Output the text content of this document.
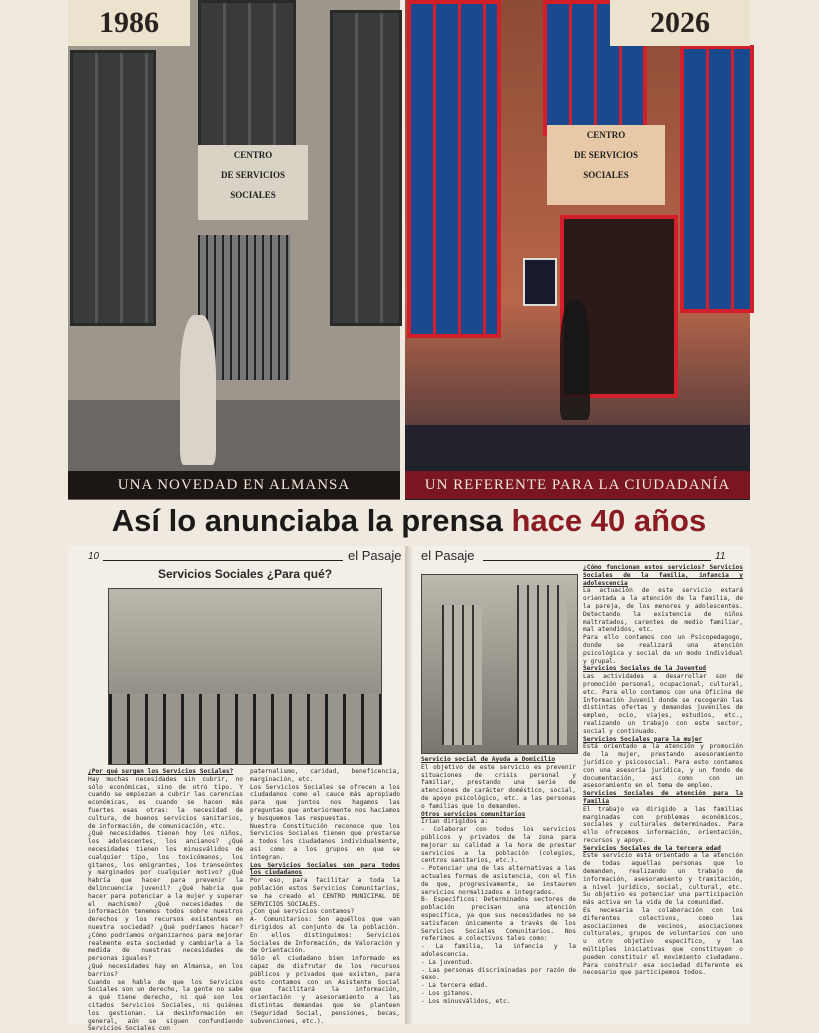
CENTRO
DE SERVICIOS
SOCIALES
1986
UNA NOVEDAD EN ALMANSA
CENTRO
DE SERVICIOS
SOCIALES
2026
UN REFERENTE PARA LA CIUDADANÍA
Así lo anunciaba la prensa hace 40 años
10	el Pasaje
Servicios Sociales ¿Para qué?
¿Por qué surgen los Servicios Sociales?
Hay muchas necesidades sin cubrir, no sólo económicas, sino de otro tipo. Y cuando se empiezan a cubrir las carencias económicas, es cuando se hacen más fuertes esas otras: la necesidad de cultura, de buenos servicios sanitarios, de información, de comunicación, etc.
¿Qué necesidades tienen hoy los niños, los adolescentes, los ancianos? ¿Qué necesidades tienen los minusválidos de cualquier tipo, los toxicómanos, los gitanos, los emigrantes, los transeúntes y marginados por cualquier motivo? ¿Qué habría que hacer para prevenir la delincuencia juvenil? ¿Qué habría que hacer para potenciar a la mujer y superar el machismo? ¿Qué necesidades de información tenemos todos sobre nuestros derechos y los recursos existentes en nuestra sociedad? ¿Qué podríamos hacer? ¿Cómo podríamos organizarnos para mejorar realmente esta sociedad y cambiarla a la medida de nuestras necesidades de personas iguales?
¿Qué necesidades hay en Almansa, en los barrios?
Cuando se habla de que los Servicios Sociales son un derecho, la gente no sabe a qué tiene derecho, ni qué son los citados Servicios Sociales, ni quiénes los gestionan. La desinformación en general, aún se siguen confundiendo Servicios Sociales con
paternalismo, caridad, beneficencia, marginación, etc.
Los Servicios Sociales se ofrecen a los ciudadanos como el cauce más apropiado para que juntos nos hagamos las preguntas que anteriormente nos hacíamos y busquemos las respuestas.
Nuestra Constitución reconoce que los Servicios Sociales tienen que prestarse a todos los ciudadanos individualmente, así como a los grupos en que se integran.
Los Servicios Sociales son para todos los ciudadanos
Por eso, para facilitar a toda la población estos Servicios Comunitarios, se ha creado el CENTRO MUNICIPAL DE SERVICIOS SOCIALES.
¿Con qué servicios contamos?
A- Comunitarios: Son aquéllos que van dirigidos al conjunto de la población. En ellos distinguimos: Servicios Sociales de Información, de Valoración y de Orientación.
Sólo el ciudadano bien informado es capaz de disfrutar de los recursos públicos y privados que existen, para esto contamos con un Asistente Social que facilitará la información, orientación y asesoramiento a las distintas demandas que se planteen (Seguridad Social, pensiones, becas, subvenciones, etc.).
el Pasaje	11
Servicio social de Ayuda a Domicilio
El objetivo de este servicio es prevenir situaciones de crisis personal y familiar, prestando una serie de atenciones de carácter doméstico, social, de apoyo psicológico, etc. a las personas o familias que lo demanden.
Otros servicios comunitarios
Irían dirigidos a:
- Colaborar con todos los servicios públicos y privados de la zona para mejorar su calidad a la hora de prestar servicios a la población (colegios, centros sanitarios, etc.).
- Potenciar una de las alternativas a las actuales formas de asistencia, con el fin de que, progresivamente, se instauren servicios normalizados e integrados.
B- Específicos: Determinados sectores de población precisan una atención específica, ya que sus necesidades no se satisfacen únicamente a través de los Servicios Sociales Comunitarios. Nos referimos a colectivos tales como:
- La familia, la infancia y la adolescencia.
- La juventud.
- Las personas discriminadas por razón de sexo.
- La tercera edad.
- Los gitanos.
- Los minusválidos, etc.
¿Cómo funcionan estos servicios? Servicios Sociales de la familia, infancia y adolescencia
La actuación de este servicio estará orientada a la atención de la familia, de la pareja, de los menores y adolescentes. Detectando la existencia de niños maltratados, carentes de medio familiar, mal atendidos, etc.
Para ello contamos con un Psicopedagogo, donde se realizará una atención psicológica y social de un modo individual y grupal.
Servicios Sociales de la Juventud
Las actividades a desarrollar son de promoción personal, ocupacional, cultural, etc. Para ello contamos con una Oficina de Información Juvenil donde se recogerán las distintas ofertas y demandas juveniles de empleo, ocio, viajes, estudios, etc., realizando un trabajo con este sector, social y continuado.
Servicios Sociales para la mujer
Está orientado a la atención y promoción de la mujer, prestando asesoramiento jurídico y psicosocial. Para esto contamos con una asesoría jurídica, y un fondo de documentación, así como con un asesoramiento en el tema de empleo.
Servicios Sociales de atención para la familia
El trabajo va dirigido a las familias marginadas con problemas económicos, sociales y culturales determinados. Para ello ofrecemos información, orientación, recursos y apoyo.
Servicios Sociales de la tercera edad
Este servicio está orientado a la atención de todas aquellas personas que lo demanden, realizando un trabajo de información, asesoramiento y tramitación, a nivel jurídico, social, cultural, etc. Su objetivo es potenciar una participación más activa en la vida de la comunidad.
Es necesaria la colaboración con los diferentes colectivos, como las asociaciones de vecinos, asociaciones culturales, grupos de voluntarios con uno u otro objetivo específico, y las múltiples iniciativas que constituyen o pueden constituir el movimiento ciudadano. Para construir esa sociedad diferente es necesario que participemos todos.
